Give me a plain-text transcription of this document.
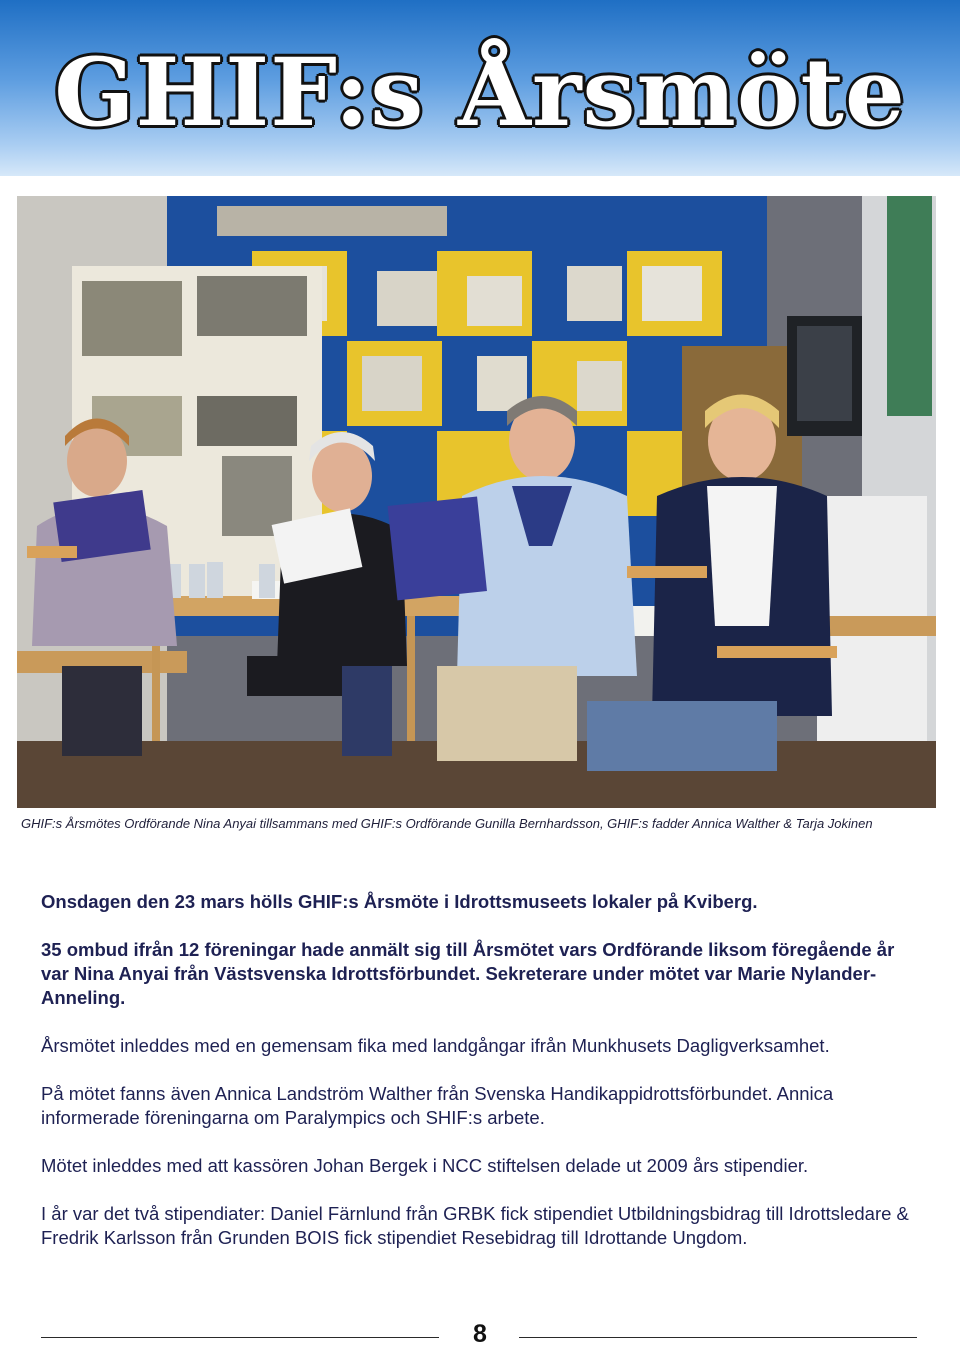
GHIF:s Årsmöte
GHIF:s Årsmötes Ordförande Nina Anyai tillsammans med GHIF:s Ordförande Gunilla Bernhardsson, GHIF:s fadder Annica Walther & Tarja Jokinen

Onsdagen den 23 mars hölls GHIF:s Årsmöte i Idrottsmuseets lokaler på Kviberg.

35 ombud ifrån 12 föreningar hade anmält sig till Årsmötet vars Ordförande liksom föregående år var Nina Anyai från Västsvenska Idrottsförbundet. Sekreterare under mötet var Marie Nylander-Anneling.

Årsmötet inleddes med en gemensam fika med landgångar ifrån Munkhusets Dagligverksamhet.

På mötet fanns även Annica Landström Walther från Svenska Handikappidrottsförbundet. Annica informerade föreningarna om Paralympics och SHIF:s arbete.

Mötet inleddes med att kassören Johan Bergek i NCC stiftelsen delade ut 2009 års stipendier.

I år var det två stipendiater: Daniel Färnlund från GRBK fick stipendiet Utbildningsbidrag till Idrottsledare & Fredrik Karlsson från Grunden BOIS fick stipendiet Resebidrag till Idrottande Ungdom.

8
